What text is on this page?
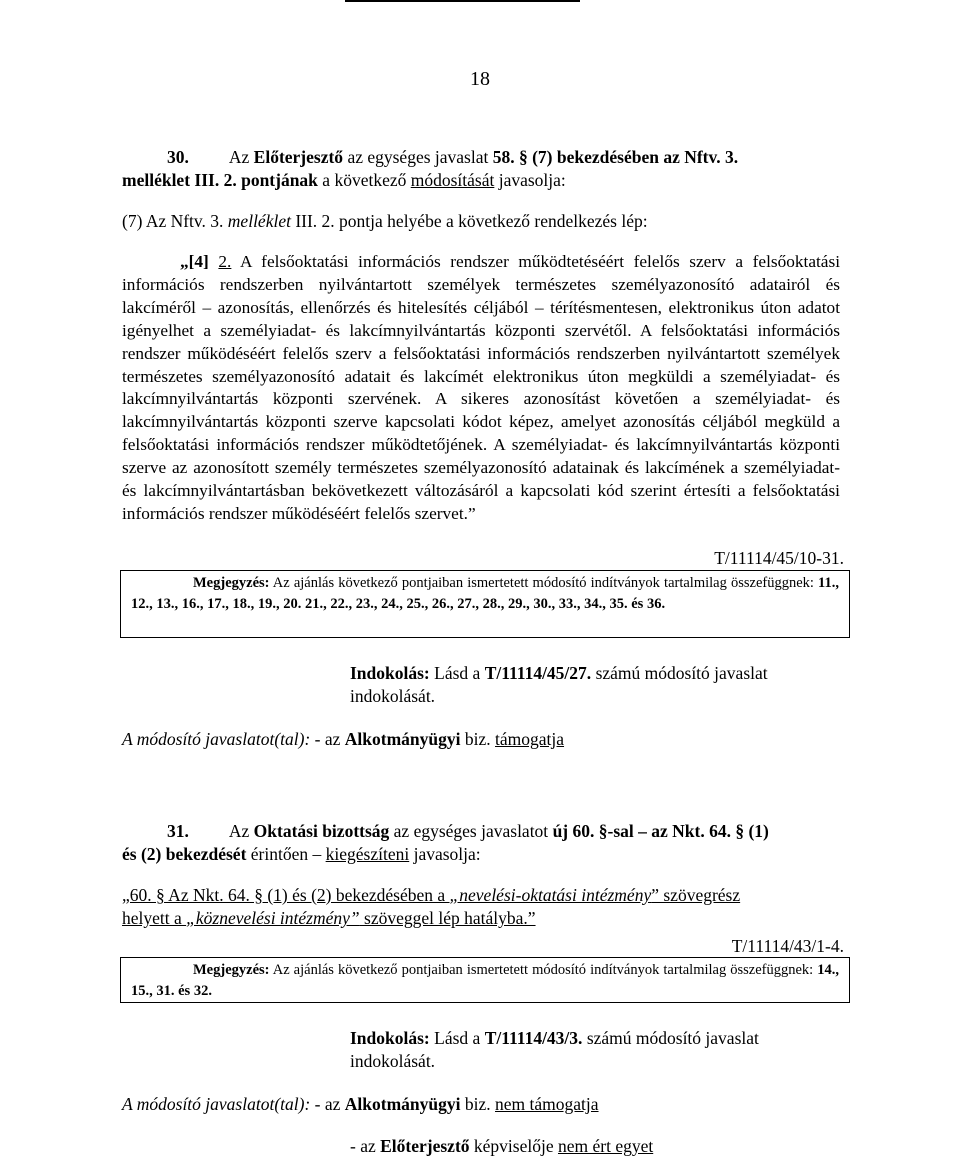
18
30. Az Előterjesztő az egységes javaslat 58. § (7) bekezdésében az Nftv. 3.
melléklet III. 2. pontjának a következő módosítását javasolja:
(7) Az Nftv. 3. melléklet III. 2. pontja helyébe a következő rendelkezés lép:
„[4] 2. A felsőoktatási információs rendszer működtetéséért felelős szerv a felsőoktatási információs rendszerben nyilvántartott személyek természetes személyazonosító adatairól és lakcíméről – azonosítás, ellenőrzés és hitelesítés céljából – térítésmentesen, elektronikus úton adatot igényelhet a személyiadat- és lakcímnyilvántartás központi szervétől. A felsőoktatási információs rendszer működéséért felelős szerv a felsőoktatási információs rendszerben nyilvántartott személyek természetes személyazonosító adatait és lakcímét elektronikus úton megküldi a személyiadat- és lakcímnyilvántartás központi szervének. A sikeres azonosítást követően a személyiadat- és lakcímnyilvántartás központi szerve kapcsolati kódot képez, amelyet azonosítás céljából megküld a felsőoktatási információs rendszer működtetőjének. A személyiadat- és lakcímnyilvántartás központi szerve az azonosított személy természetes személyazonosító adatainak és lakcímének a személyiadat- és lakcímnyilvántartásban bekövetkezett változásáról a kapcsolati kód szerint értesíti a felsőoktatási információs rendszer működéséért felelős szervet.”
T/11114/45/10-31.
Megjegyzés: Az ajánlás következő pontjaiban ismertetett módosító indítványok tartalmilag összefüggnek: 11., 12., 13., 16., 17., 18., 19., 20. 21., 22., 23., 24., 25., 26., 27., 28., 29., 30., 33., 34., 35. és 36.
Indokolás: Lásd a T/11114/45/27. számú módosító javaslat
indokolását.
A módosító javaslatot(tal): - az Alkotmányügyi biz. támogatja
31. Az Oktatási bizottság az egységes javaslatot új 60. §-sal – az Nkt. 64. § (1)
és (2) bekezdését érintően – kiegészíteni javasolja:
„60. § Az Nkt. 64. § (1) és (2) bekezdésében a „nevelési-oktatási intézmény” szövegrész
helyett a „köznevelési intézmény” szöveggel lép hatályba.”
T/11114/43/1-4.
Megjegyzés: Az ajánlás következő pontjaiban ismertetett módosító indítványok tartalmilag összefüggnek: 14., 15., 31. és 32.
Indokolás: Lásd a T/11114/43/3. számú módosító javaslat
indokolását.
A módosító javaslatot(tal): - az Alkotmányügyi biz. nem támogatja
- az Előterjesztő képviselője nem ért egyet
